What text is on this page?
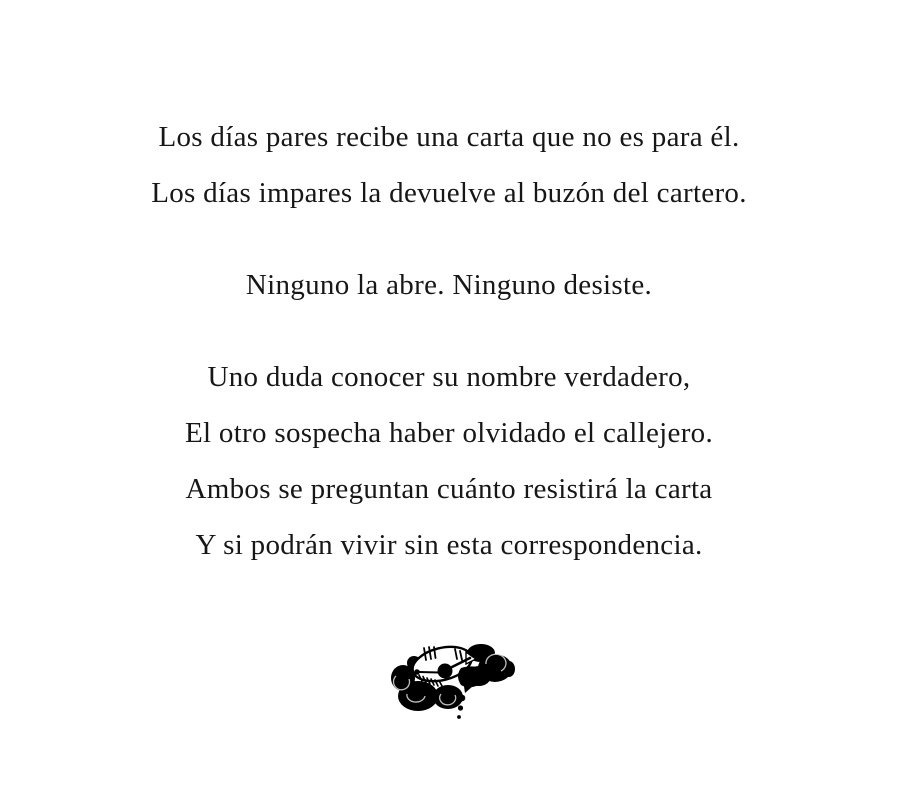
Los días pares recibe una carta que no es para él.
Los días impares la devuelve al buzón del cartero.
Ninguno la abre. Ninguno desiste.
Uno duda conocer su nombre verdadero,
El otro sospecha haber olvidado el callejero.
Ambos se preguntan cuánto resistirá la carta
Y si podrán vivir sin esta correspondencia.
